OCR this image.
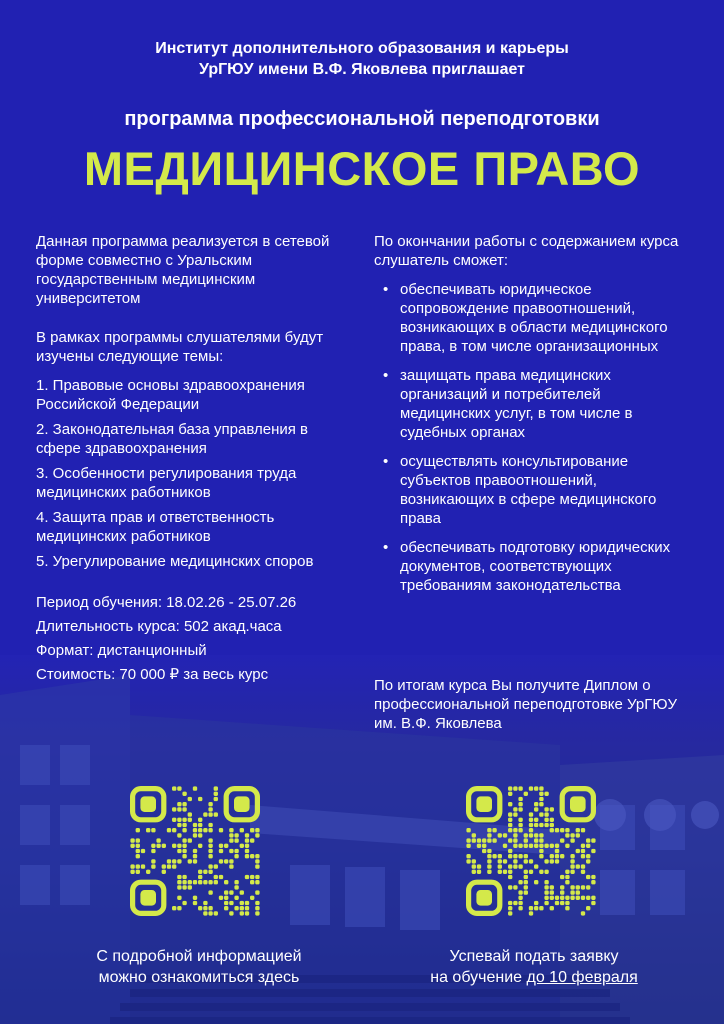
Институт дополнительного образования и карьеры
УрГЮУ имени В.Ф. Яковлева приглашает
программа профессиональной переподготовки
МЕДИЦИНСКОЕ ПРАВО

Данная программа реализуется в сетевой форме совместно с Уральским государственным медицинским университетом

В рамках программы слушателями будут изучены следующие темы:

1. Правовые основы здравоохранения Российской Федерации
2. Законодательная база управления в сфере здравоохранения
3. Особенности регулирования труда медицинских работников
4. Защита прав и ответственность медицинских работников
5. Урегулирование медицинских споров
Период обучения: 18.02.26 - 25.07.26
Длительность курса: 502 акад.часа
Формат: дистанционный
Стоимость: 70 000 ₽ за весь курс

По окончании работы с содержанием курса слушатель сможет:

• обеспечивать юридическое сопровождение правоотношений, возникающих в области медицинского права, в том числе организационных
• защищать права медицинских организаций и потребителей медицинских услуг, в том числе в судебных органах
• осуществлять консультирование субъектов правоотношений, возникающих в сфере медицинского права
• обеспечивать подготовку юридических документов, соответствующих требованиям законодательства
По итогам курса Вы получите Диплом о профессиональной переподготовке УрГЮУ им. В.Ф. Яковлева
С подробной информацией
можно ознакомиться здесь
Успевай подать заявку
на обучение до 10 февраля
